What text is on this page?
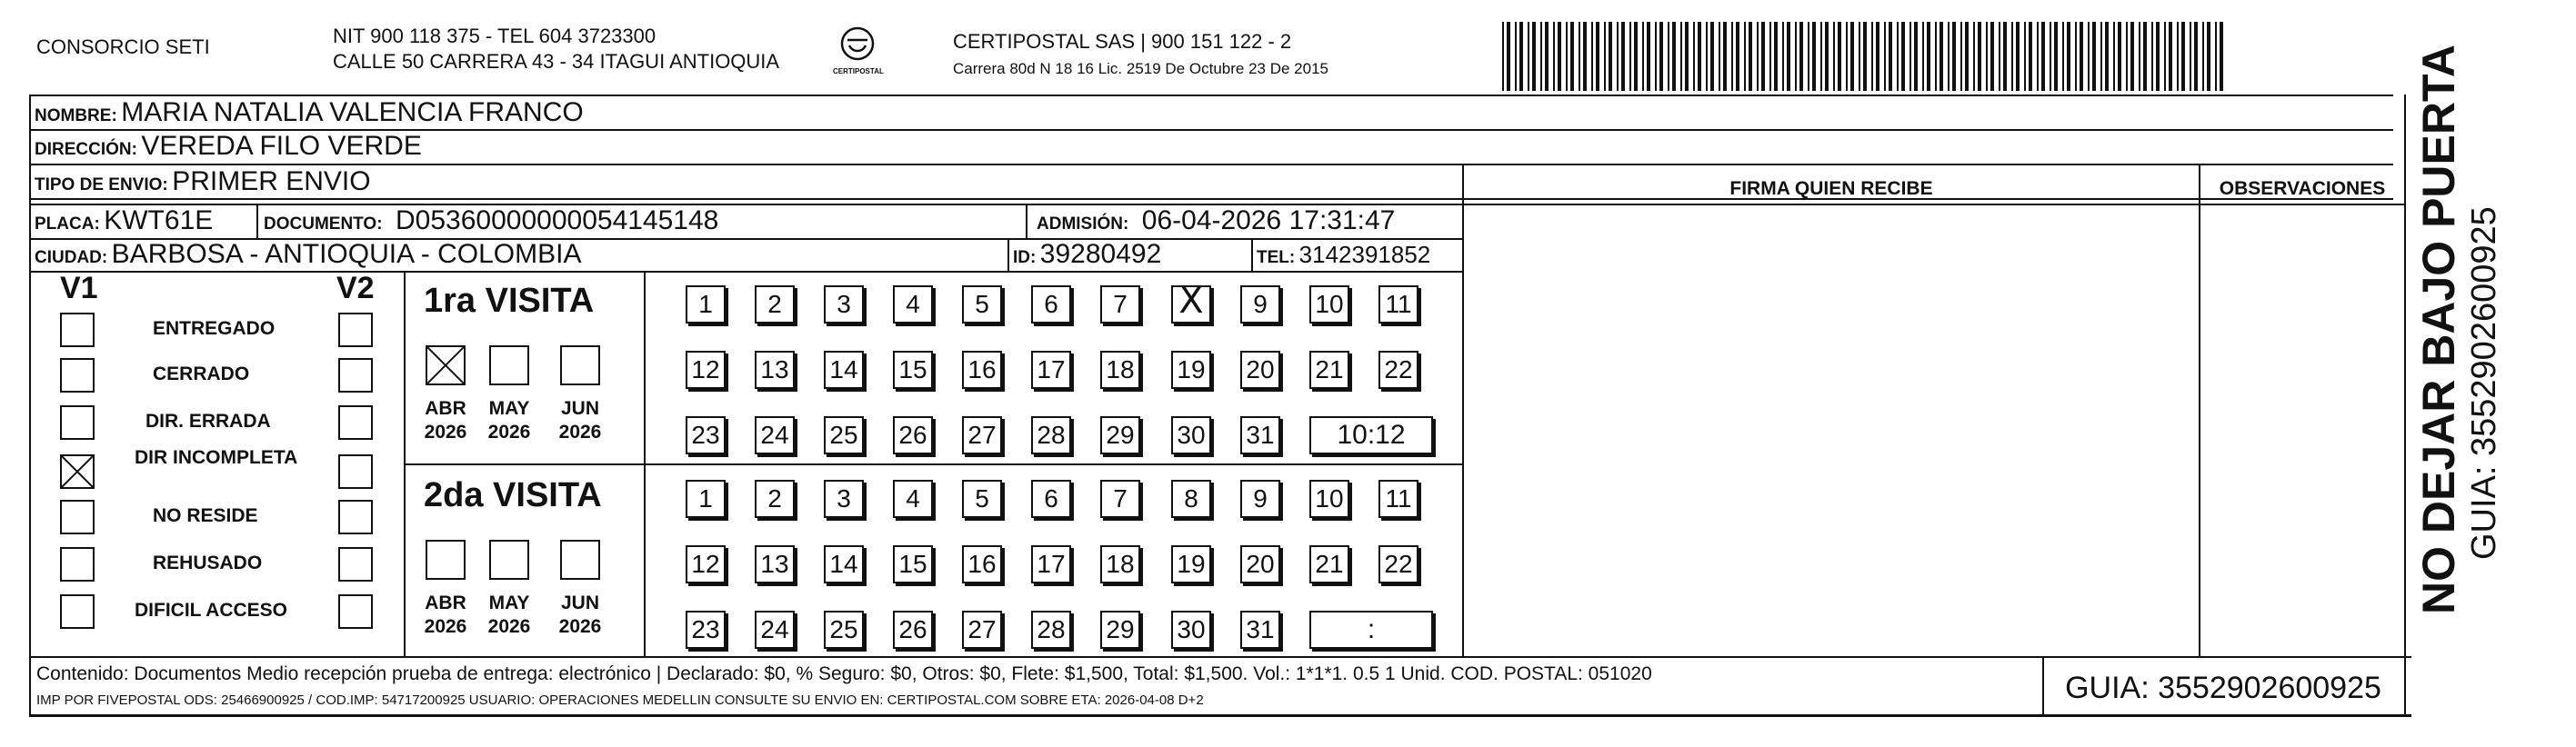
CONSORCIO SETI	NIT 900 118 375 - TEL 604 3723300
CALLE 50 CARRERA 43 - 34 ITAGUI ANTIOQUIA	CERTIPOSTAL
CERTIPOSTAL SAS | 900 151 122 - 2
Carrera 80d N 18 16 Lic. 2519 De Octubre 23 De 2015
NOMBRE: MARIA NATALIA VALENCIA FRANCO
DIRECCIÓN: VEREDA FILO VERDE
TIPO DE ENVIO: PRIMER ENVIO
PLACA: KWT61E	DOCUMENTO: D0536000000005414​5148	ADMISIÓN: 06-04-2026 17:31:47
CIUDAD: BARBOSA - ANTIOQUIA - COLOMBIA	ID: 39280492	TEL: 3142391852
FIRMA QUIEN RECIBE	OBSERVACIONES
V1	V2
ENTREGADO
CERRADO
DIR. ERRADA
DIR INCOMPLETA
NO RESIDE
REHUSADO
DIFICIL ACCESO
1ra VISITA
ABR
2026
MAY
2026
JUN
2026
1	2	3	4	5	6	7
X	9	10 11
12 13 14 15 16 17 18 19 20 21 22
23 24 25 26 27 28 29 30 31	10:12
2da VISITA
ABR
2026
MAY
2026
JUN
2026
1	2	3	4	5	6	7	8	9	10 11
12 13 14 15 16 17 18 19 20 21 22
23 24 25 26 27 28 29 30 31	:
Contenido: Documentos Medio recepción prueba de entrega: electrónico | Declarado: $0, % Seguro: $0, Otros: $0, Flete: $1,500, Total: $1,500. Vol.: 1*1*1. 0.5 1 Unid. COD. POSTAL: 051020
IMP POR FIVEPOSTAL ODS: 25466900925 / COD.IMP: 54717200925 USUARIO: OPERACIONES MEDELLIN CONSULTE SU ENVIO EN: CERTIPOSTAL.COM SOBRE ETA: 2026-04-08 D+2	GUIA: 3552902600925
NO DEJAR BAJO PUERTA GUIA: 3552902600925
